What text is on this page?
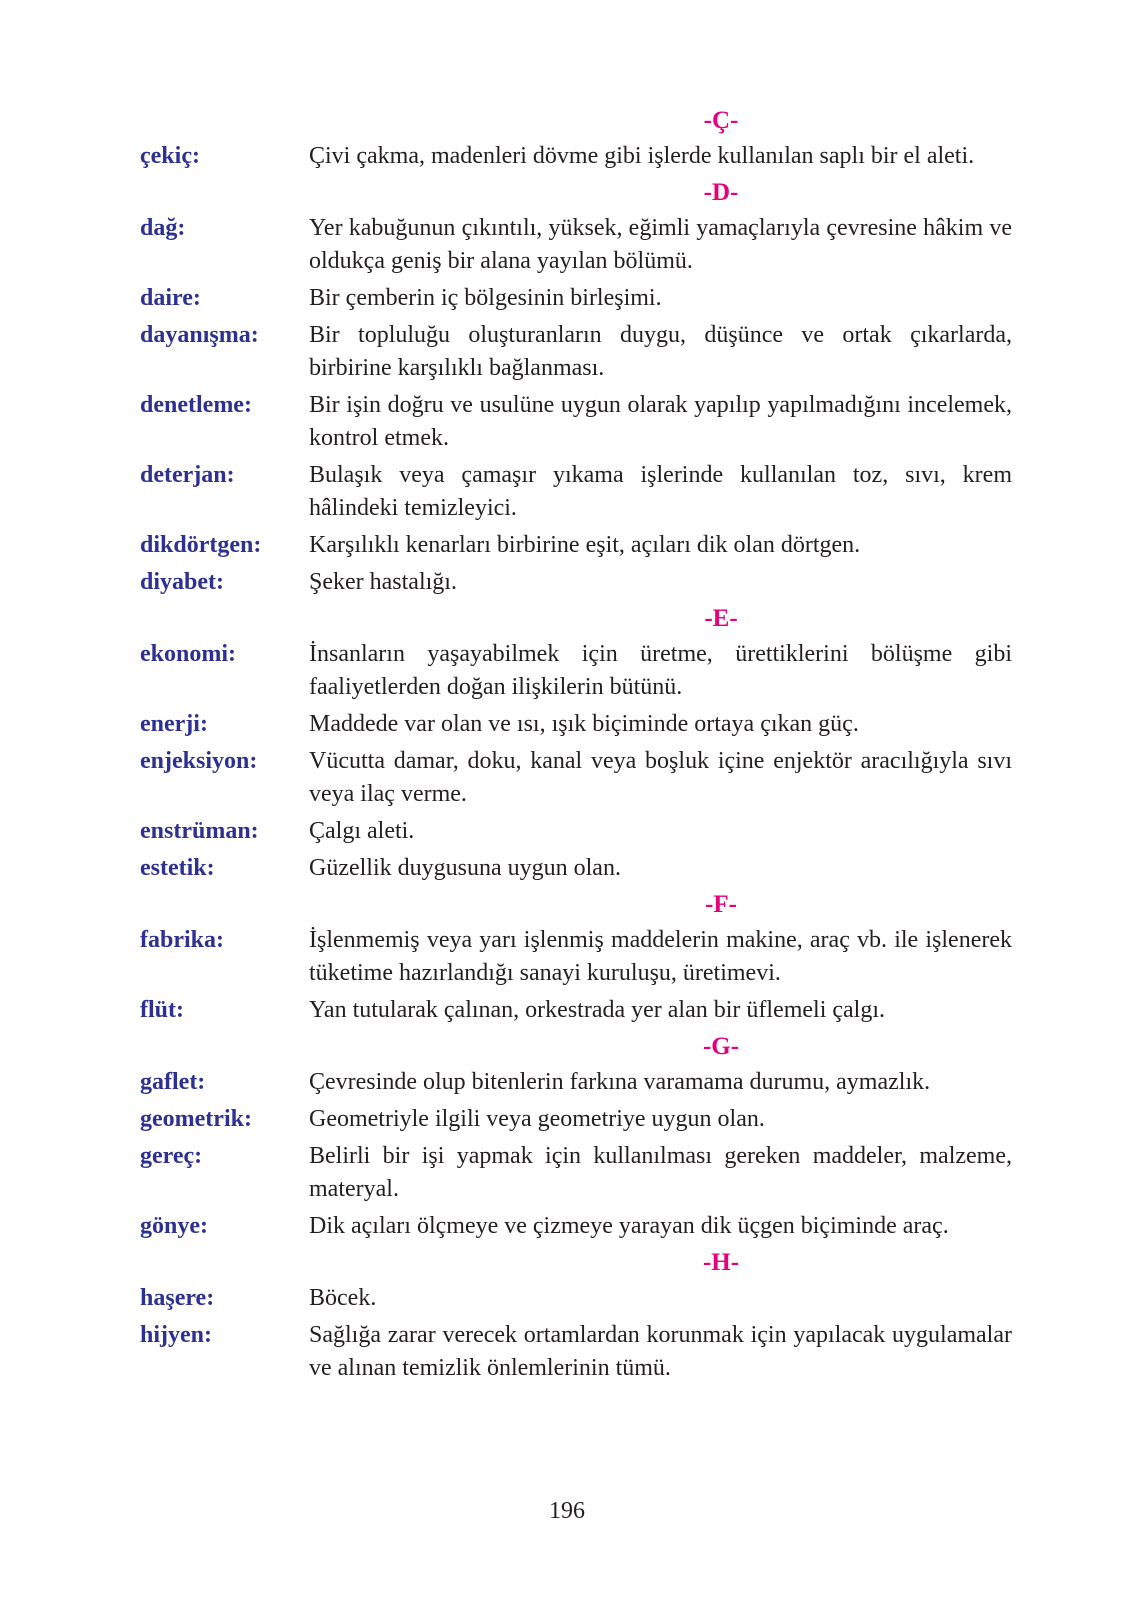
-Ç-
çekiç:	Çivi çakma, madenleri dövme gibi işlerde kullanılan saplı bir el aleti.
-D-
dağ:	Yer kabuğunun çıkıntılı, yüksek, eğimli yamaçlarıyla çevresine hâkim ve oldukça geniş bir alana yayılan bölümü.
daire:	Bir çemberin iç bölgesinin birleşimi.
dayanışma:	Bir topluluğu oluşturanların duygu, düşünce ve ortak çıkarlarda, birbirine karşılıklı bağlanması.
denetleme:	Bir işin doğru ve usulüne uygun olarak yapılıp yapılmadığını incelemek, kontrol etmek.
deterjan:	Bulaşık veya çamaşır yıkama işlerinde kullanılan toz, sıvı, krem hâlindeki temizleyici.
dikdörtgen:	Karşılıklı kenarları birbirine eşit, açıları dik olan dörtgen.
diyabet:	Şeker hastalığı.
-E-
ekonomi:	İnsanların yaşayabilmek için üretme, ürettiklerini bölüşme gibi faaliyetlerden doğan ilişkilerin bütünü.
enerji:	Maddede var olan ve ısı, ışık biçiminde ortaya çıkan güç.
enjeksiyon:	Vücutta damar, doku, kanal veya boşluk içine enjektör aracılığıyla sıvı veya ilaç verme.
enstrüman:	Çalgı aleti.
estetik:	Güzellik duygusuna uygun olan.
-F-
fabrika:	İşlenmemiş veya yarı işlenmiş maddelerin makine, araç vb. ile işlenerek tüketime hazırlandığı sanayi kuruluşu, üretimevi.
flüt:	Yan tutularak çalınan, orkestrada yer alan bir üflemeli çalgı.
-G-
gaflet:	Çevresinde olup bitenlerin farkına varamama durumu, aymazlık.
geometrik:	Geometriyle ilgili veya geometriye uygun olan.
gereç:	Belirli bir işi yapmak için kullanılması gereken maddeler, malzeme, materyal.
gönye:	Dik açıları ölçmeye ve çizmeye yarayan dik üçgen biçiminde araç.
-H-
haşere:	Böcek.
hijyen:	Sağlığa zarar verecek ortamlardan korunmak için yapılacak uygulamalar ve alınan temizlik önlemlerinin tümü.
196
